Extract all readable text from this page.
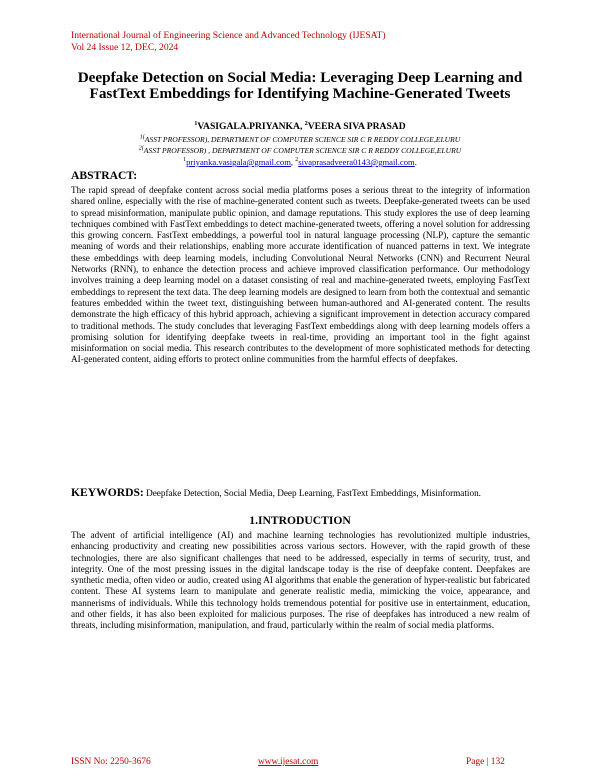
International Journal of Engineering Science and Advanced Technology (IJESAT)
Vol 24 Issue 12, DEC, 2024
Deepfake Detection on Social Media: Leveraging Deep Learning and FastText Embeddings for Identifying Machine-Generated Tweets
$^1$VASIGALA.PRIYANKA, $^2$VEERA SIVA PRASAD
$^{1(}$ASST PROFESSOR), DEPARTMENT OF COMPUTER SCIENCE SIR C R REDDY COLLEGE,ELURU
$^{2(}$ASST PROFESSOR) , DEPARTMENT OF COMPUTER SCIENCE SIR C R REDDY COLLEGE,ELURU
$^1$priyanka.vasigala@gmail.com, $^2$sivaprasadveera0143@gmail.com.
ABSTRACT:

The rapid spread of deepfake content across social media platforms poses a serious threat to the integrity of information shared online, especially with the rise of machine-generated content such as tweets. Deepfake-generated tweets can be used to spread misinformation, manipulate public opinion, and damage reputations. This study explores the use of deep learning techniques combined with FastText embeddings to detect machine-generated tweets, offering a novel solution for addressing this growing concern. FastText embeddings, a powerful tool in natural language processing (NLP), capture the semantic meaning of words and their relationships, enabling more accurate identification of nuanced patterns in text. We integrate these embeddings with deep learning models, including Convolutional Neural Networks (CNN) and Recurrent Neural Networks (RNN), to enhance the detection process and achieve improved classification performance. Our methodology involves training a deep learning model on a dataset consisting of real and machine-generated tweets, employing FastText embeddings to represent the text data. The deep learning models are designed to learn from both the contextual and semantic features embedded within the tweet text, distinguishing between human-authored and AI-generated content. The results demonstrate the high efficacy of this hybrid approach, achieving a significant improvement in detection accuracy compared to traditional methods. The study concludes that leveraging FastText embeddings along with deep learning models offers a promising solution for identifying deepfake tweets in real-time, providing an important tool in the fight against misinformation on social media. This research contributes to the development of more sophisticated methods for detecting AI-generated content, aiding efforts to protect online communities from the harmful effects of deepfakes.

KEYWORDS: Deepfake Detection, Social Media, Deep Learning, FastText Embeddings, Misinformation.
1.INTRODUCTION

The advent of artificial intelligence (AI) and machine learning technologies has revolutionized multiple industries, enhancing productivity and creating new possibilities across various sectors. However, with the rapid growth of these technologies, there are also significant challenges that need to be addressed, especially in terms of security, trust, and integrity. One of the most pressing issues in the digital landscape today is the rise of deepfake content. Deepfakes are synthetic media, often video or audio, created using AI algorithms that enable the generation of hyper-realistic but fabricated content. These AI systems learn to manipulate and generate realistic media, mimicking the voice, appearance, and mannerisms of individuals. While this technology holds tremendous potential for positive use in entertainment, education, and other fields, it has also been exploited for malicious purposes. The rise of deepfakes has introduced a new realm of threats, including misinformation, manipulation, and fraud, particularly within the realm of social media platforms.

ISSN No: 2250-3676	www.ijesat.com	Page | 132
